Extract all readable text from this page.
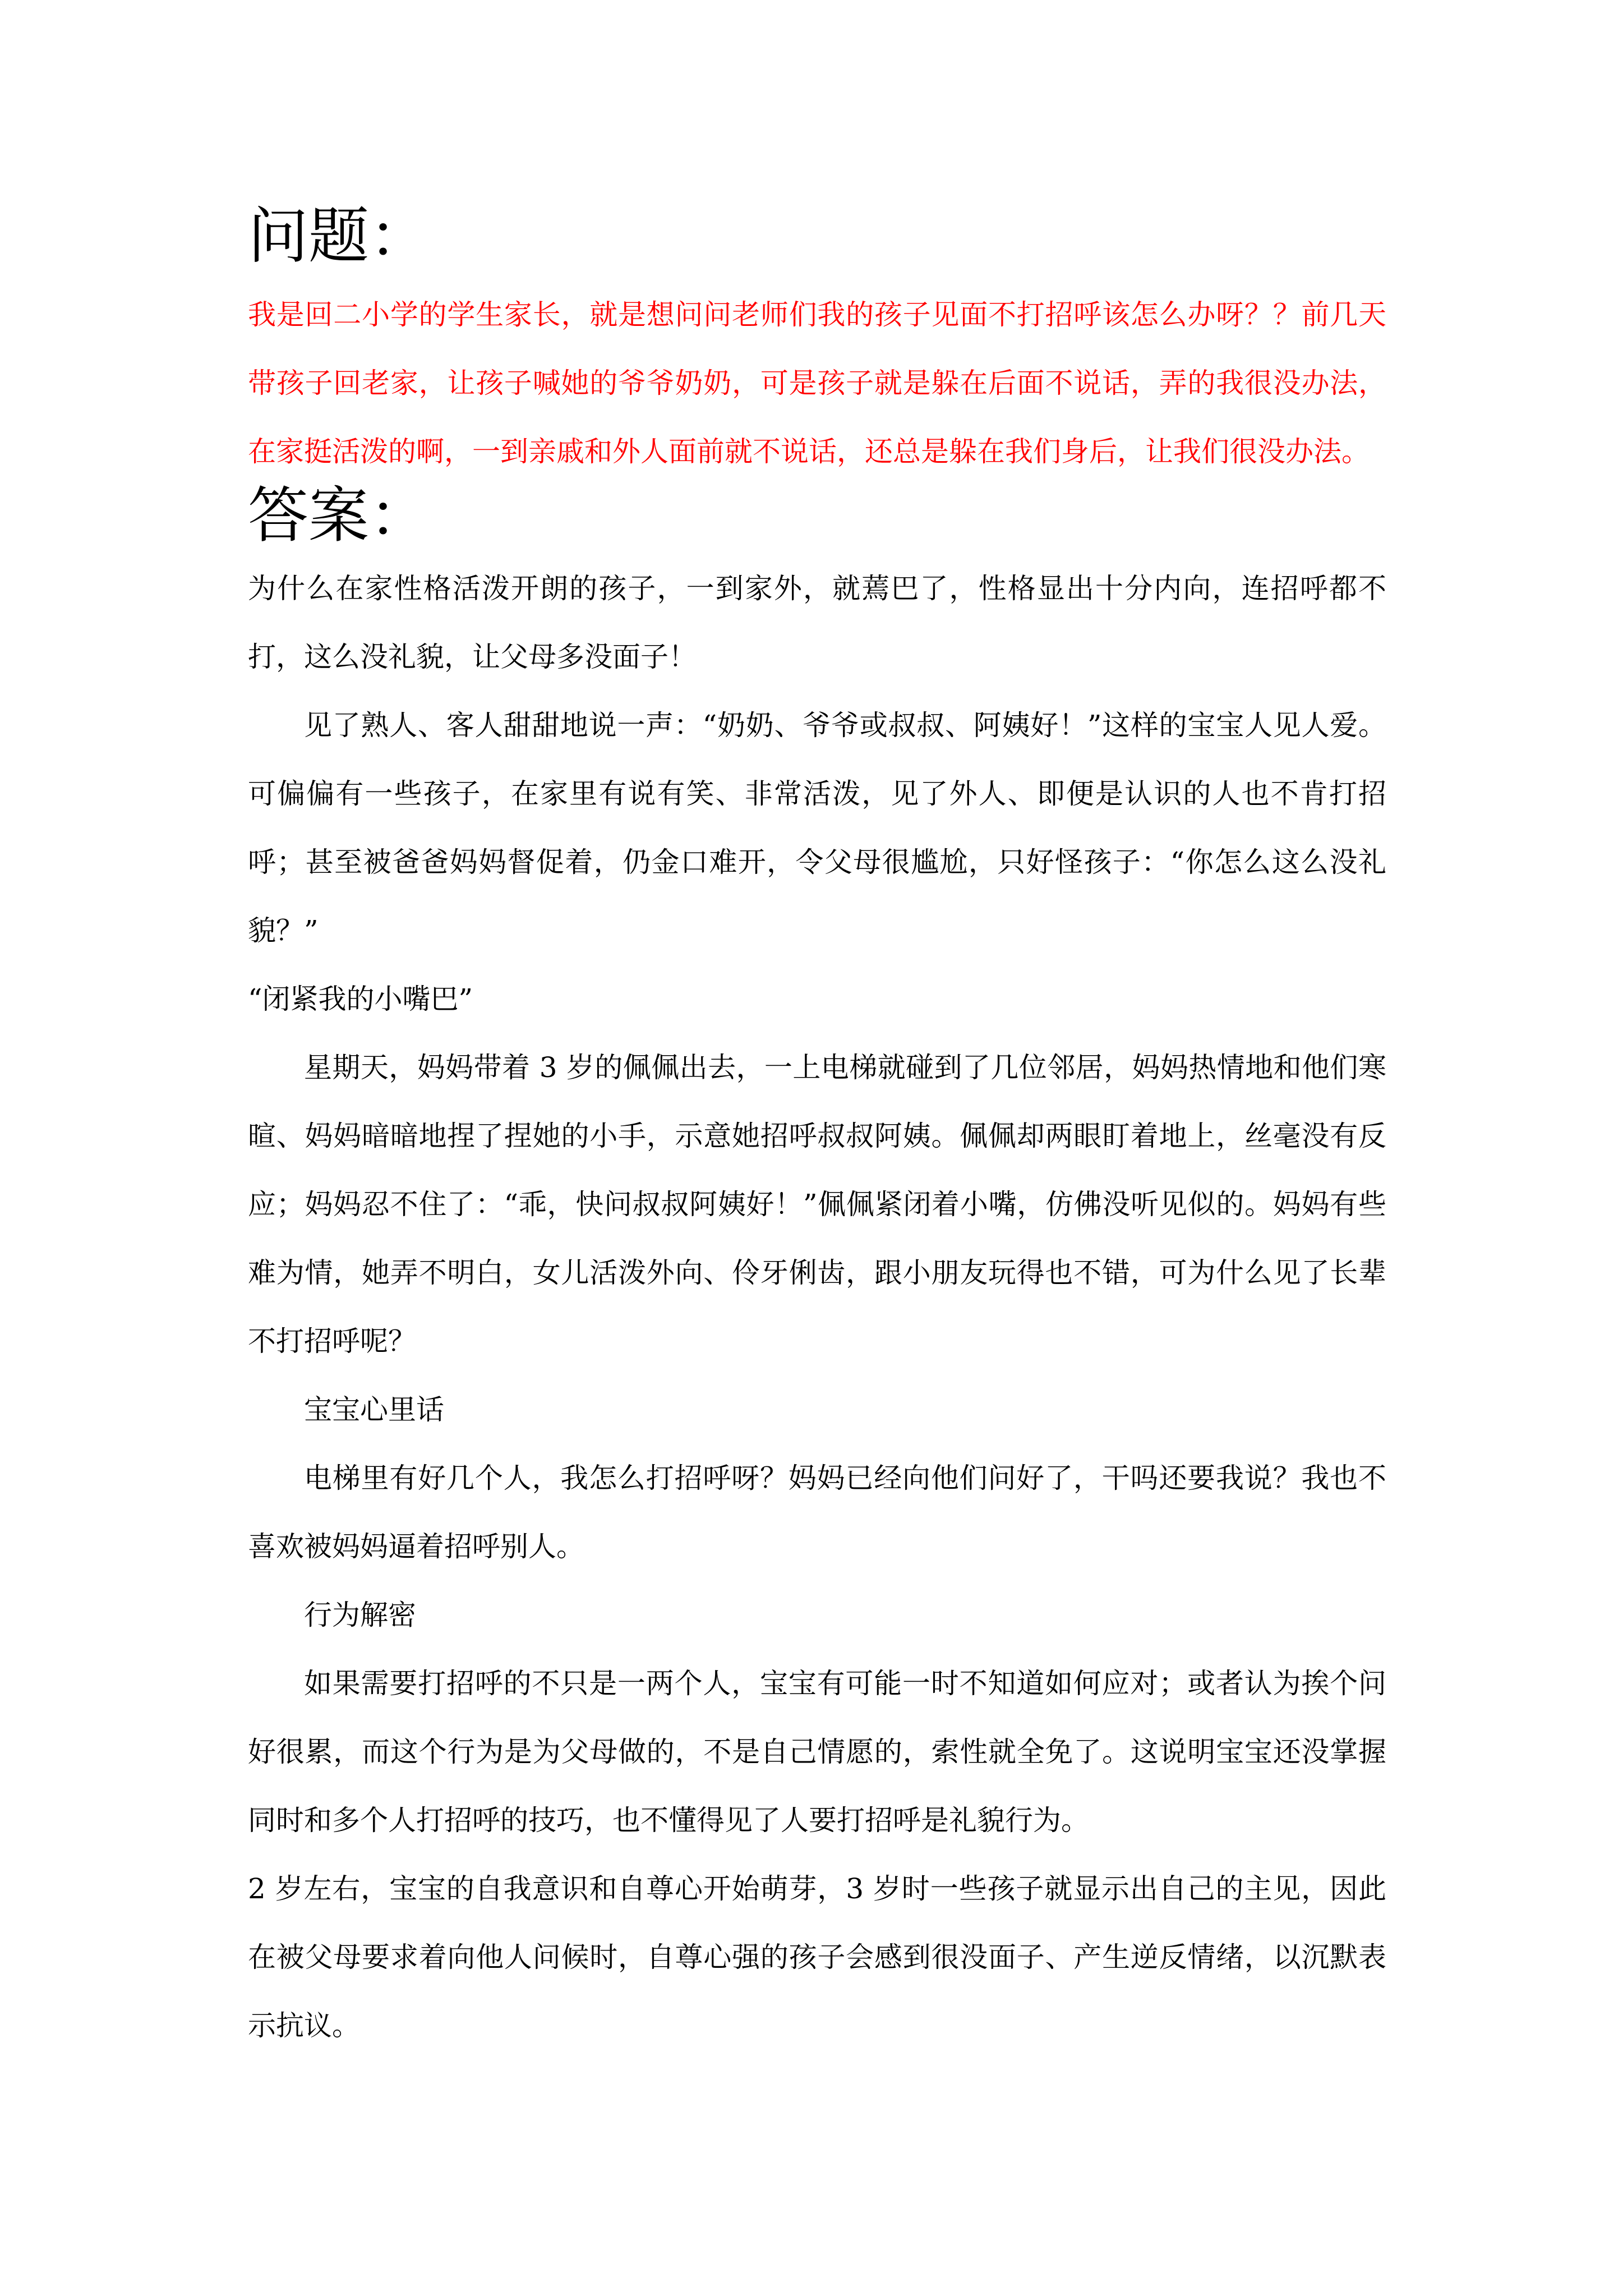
问题：

我是回二小学的学生家长，就是想问问老师们我的孩子见面不打招呼该怎么办呀？？前几天带孩子回老家，让孩子喊她的爷爷奶奶，可是孩子就是躲在后面不说话，弄的我很没办法，在家挺活泼的啊，一到亲戚和外人面前就不说话，还总是躲在我们身后，让我们很没办法。

答案：

为什么在家性格活泼开朗的孩子，一到家外，就蔫巴了，性格显出十分内向，连招呼都不打，这么没礼貌，让父母多没面子！

见了熟人、客人甜甜地说一声：“奶奶、爷爷或叔叔、阿姨好！”这样的宝宝人见人爱。可偏偏有一些孩子，在家里有说有笑、非常活泼，见了外人、即便是认识的人也不肯打招呼；甚至被爸爸妈妈督促着，仍金口难开，令父母很尴尬，只好怪孩子：“你怎么这么没礼貌？”

“闭紧我的小嘴巴”

星期天，妈妈带着 3 岁的佩佩出去，一上电梯就碰到了几位邻居，妈妈热情地和他们寒暄、妈妈暗暗地捏了捏她的小手，示意她招呼叔叔阿姨。佩佩却两眼盯着地上，丝毫没有反应；妈妈忍不住了：“乖，快问叔叔阿姨好！”佩佩紧闭着小嘴，仿佛没听见似的。妈妈有些难为情，她弄不明白，女儿活泼外向、伶牙俐齿，跟小朋友玩得也不错，可为什么见了长辈不打招呼呢？

宝宝心里话

电梯里有好几个人，我怎么打招呼呀？妈妈已经向他们问好了，干吗还要我说？我也不喜欢被妈妈逼着招呼别人。

行为解密

如果需要打招呼的不只是一两个人，宝宝有可能一时不知道如何应对；或者认为挨个问好很累，而这个行为是为父母做的，不是自己情愿的，索性就全免了。这说明宝宝还没掌握同时和多个人打招呼的技巧，也不懂得见了人要打招呼是礼貌行为。

2 岁左右，宝宝的自我意识和自尊心开始萌芽，3 岁时一些孩子就显示出自己的主见，因此在被父母要求着向他人问候时，自尊心强的孩子会感到很没面子、产生逆反情绪，以沉默表示抗议。
